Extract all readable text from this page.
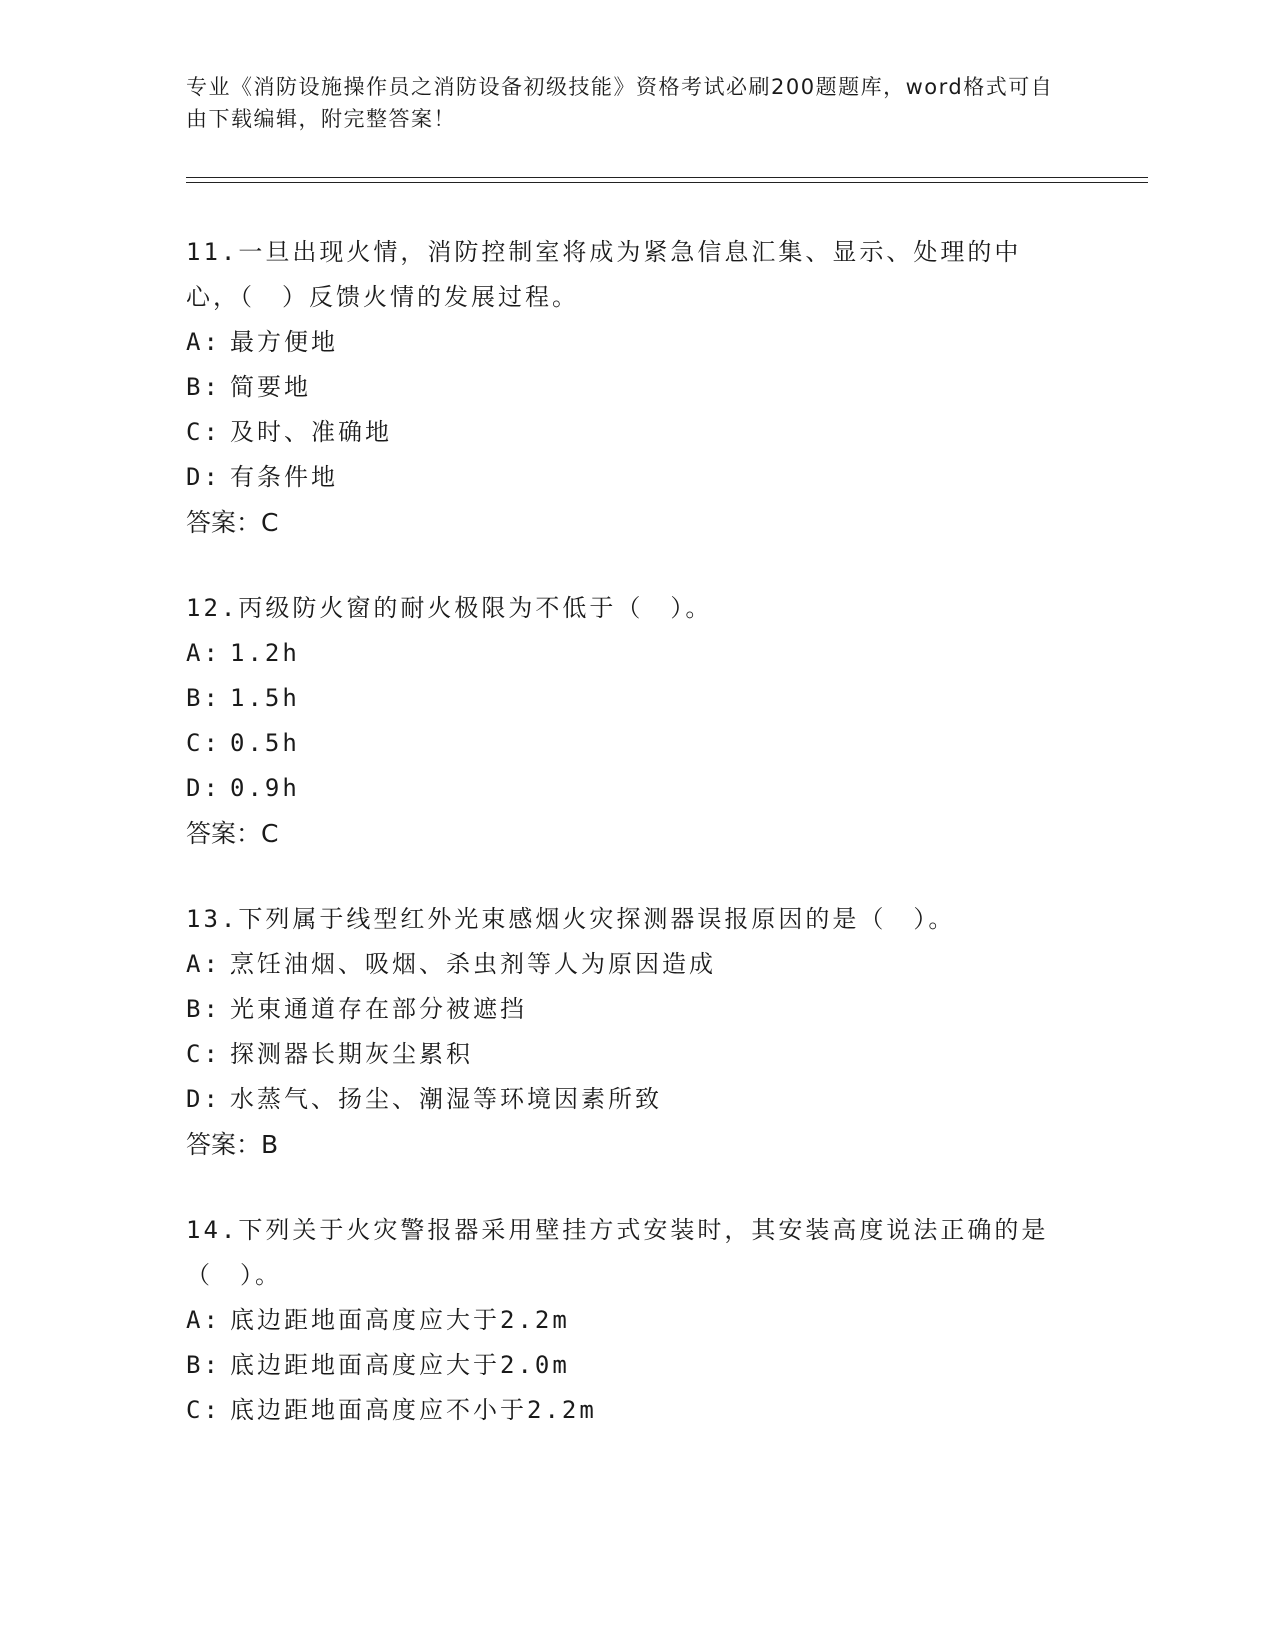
专业《消防设施操作员之消防设备初级技能》资格考试必刷200题题库，word格式可自由下载编辑，附完整答案！

11.一旦出现火情，消防控制室将成为紧急信息汇集、显示、处理的中心，（　）反馈火情的发展过程。

A: 最方便地

B: 简要地

C: 及时、准确地

D: 有条件地

答案：C

12.丙级防火窗的耐火极限为不低于（　）。

A: 1.2h

B: 1.5h

C: 0.5h

D: 0.9h

答案：C

13.下列属于线型红外光束感烟火灾探测器误报原因的是（　）。

A: 烹饪油烟、吸烟、杀虫剂等人为原因造成

B: 光束通道存在部分被遮挡

C: 探测器长期灰尘累积

D: 水蒸气、扬尘、潮湿等环境因素所致

答案：B

14.下列关于火灾警报器采用壁挂方式安装时，其安装高度说法正确的是（　）。

A: 底边距地面高度应大于2.2m

B: 底边距地面高度应大于2.0m

C: 底边距地面高度应不小于2.2m
